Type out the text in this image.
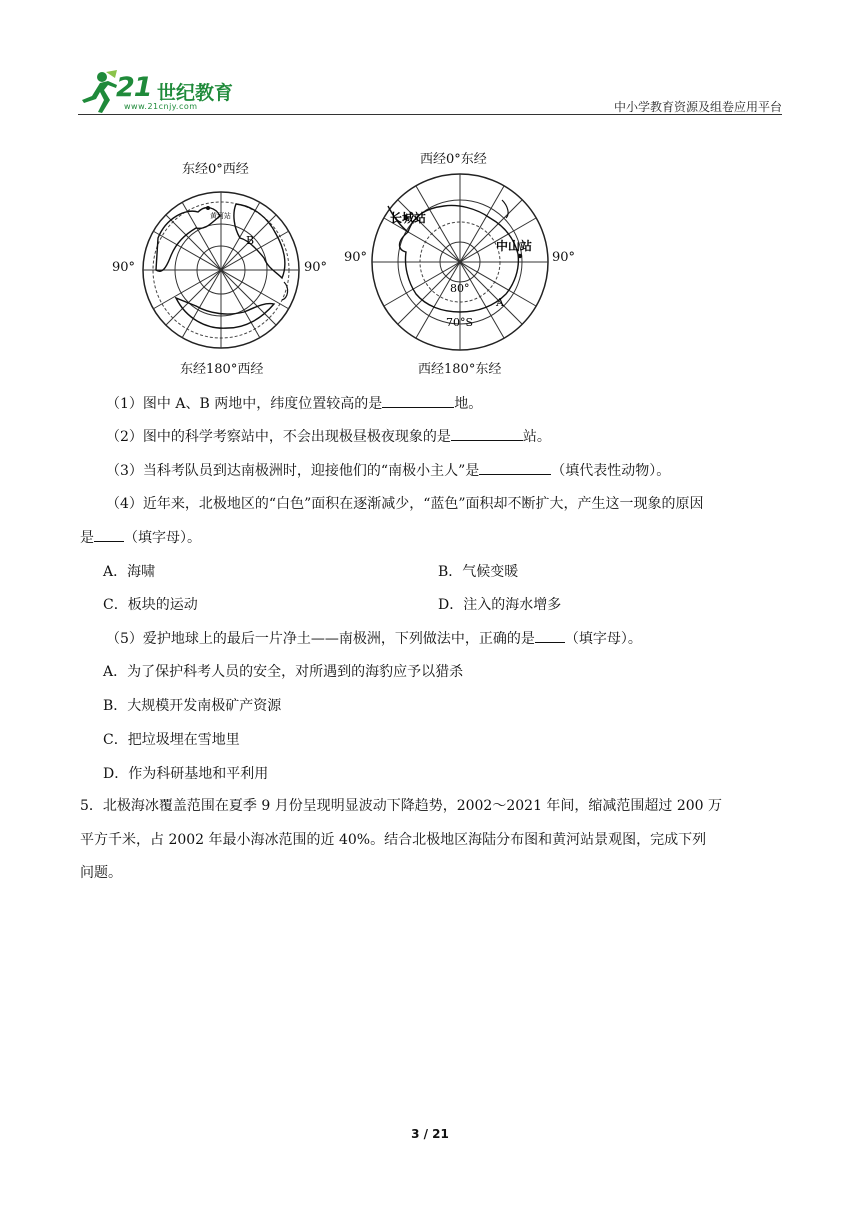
21 世纪教育
www.21cnjy.com	中小学教育资源及组卷应用平台
东经0°西经
东经180°西经
90°	90°
黄河站
B
西经0°东经
西经180°东经
90°	90°
长城站
中山站
80°
70°S
A
（1）图中 A、B 两地中，纬度位置较高的是	地。
（2）图中的科学考察站中，不会出现极昼极夜现象的是	站。
（3）当科考队员到达南极洲时，迎接他们的“南极小主人”是	（填代表性动物）。
（4）近年来，北极地区的“白色”面积在逐渐减少，“蓝色”面积却不断扩大，产生这一现象的原因
是 （填字母）。
A．海啸	B．气候变暖
C．板块的运动	D．注入的海水增多
（5）爱护地球上的最后一片净土——南极洲，下列做法中，正确的是 （填字母）。
A．为了保护科考人员的安全，对所遇到的海豹应予以猎杀
B．大规模开发南极矿产资源
C．把垃圾埋在雪地里
D．作为科研基地和平利用
5．北极海冰覆盖范围在夏季 9 月份呈现明显波动下降趋势，2002～2021 年间，缩减范围超过 200 万
平方千米，占 2002 年最小海冰范围的近 40%。结合北极地区海陆分布图和黄河站景观图，完成下列
问题。
3 / 21
